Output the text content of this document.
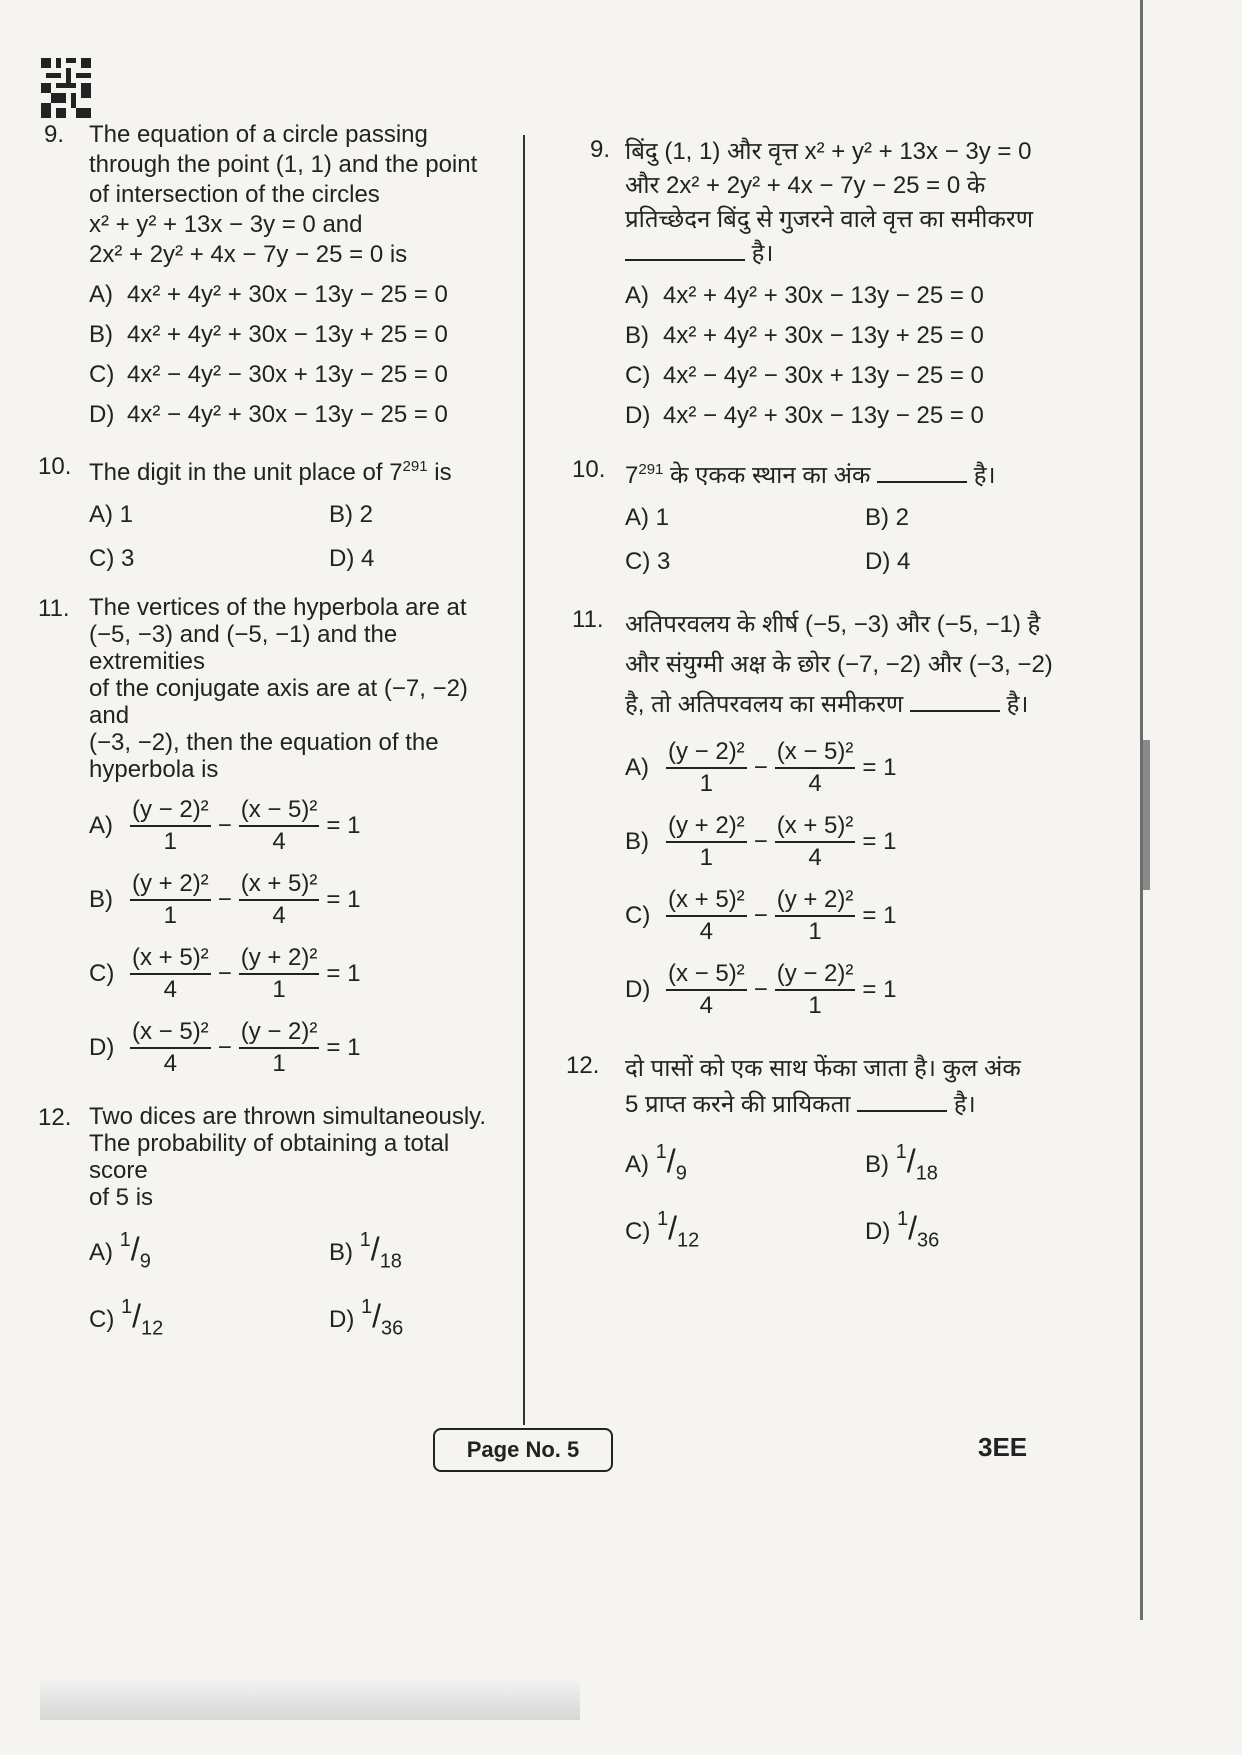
9. The equation of a circle passing
through the point (1, 1) and the point
of intersection of the circles
x² + y² + 13x − 3y = 0 and
2x² + 2y² + 4x − 7y − 25 = 0 is
A) 4x² + 4y² + 30x − 13y − 25 = 0
B) 4x² + 4y² + 30x − 13y + 25 = 0
C) 4x² − 4y² − 30x + 13y − 25 = 0
D) 4x² − 4y² + 30x − 13y − 25 = 0
10. The digit in the unit place of $7^{291}$ is
A) 1	B) 2
C) 3	D) 4
11. The vertices of the hyperbola are at
(−5, −3) and (−5, −1) and the extremities
of the conjugate axis are at (−7, −2) and
(−3, −2), then the equation of the
hyperbola is
$A) \frac{\text{(y − 2)²}}{1} - \frac{\text{(x − 5)²}}{4} = 1$
$B) \frac{\text{(y + 2)²}}{1} - \frac{\text{(x + 5)²}}{4} = 1$
$C) \frac{\text{(x + 5)²}}{4} - \frac{\text{(y + 2)²}}{1} = 1$
$D) \frac{\text{(x − 5)²}}{4} - \frac{\text{(y − 2)²}}{1} = 1$
12. Two dices are thrown simultaneously.
The probability of obtaining a total score
of 5 is
A) $^1/_9$	B) $^1/_{18}$
C) $^1/_{12}$	D) $^1/_{36}$
9. बिंदु (1, 1) और वृत्त x² + y² + 13x − 3y = 0
और 2x² + 2y² + 4x − 7y − 25 = 0 के
प्रतिच्छेदन बिंदु से गुजरने वाले वृत्त का समीकरण
है।
A) 4x² + 4y² + 30x − 13y − 25 = 0
B) 4x² + 4y² + 30x − 13y + 25 = 0
C) 4x² − 4y² − 30x + 13y − 25 = 0
D) 4x² − 4y² + 30x − 13y − 25 = 0
10. $7^{291}$ के एकक स्थान का अंक	है।
A) 1	B) 2
C) 3	D) 4
11. अतिपरवलय के शीर्ष (−5, −3) और (−5, −1) है
और संयुग्मी अक्ष के छोर (−7, −2) और (−3, −2)
है, तो अतिपरवलय का समीकरण	है।
$A) \frac{\text{(y − 2)²}}{1} - \frac{\text{(x − 5)²}}{4} = 1$
$B) \frac{\text{(y + 2)²}}{1} - \frac{\text{(x + 5)²}}{4} = 1$
$C) \frac{\text{(x + 5)²}}{4} - \frac{\text{(y + 2)²}}{1} = 1$
$D) \frac{\text{(x − 5)²}}{4} - \frac{\text{(y − 2)²}}{1} = 1$
12. दो पासों को एक साथ फेंका जाता है। कुल अंक
5 प्राप्त करने की प्रायिकता	है।
A) $^1/_9$	B) $^1/_{18}$
C) $^1/_{12}$	D) $^1/_{36}$
Page No. 5	3EE
